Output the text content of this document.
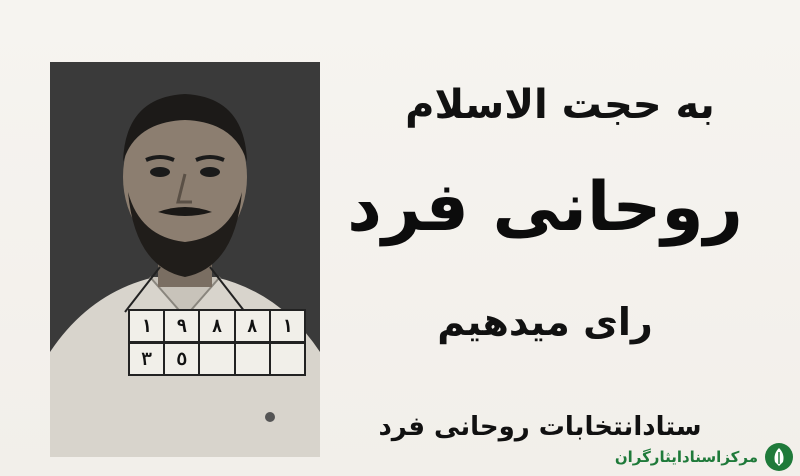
١	٩	٨	٨	١
٣	٥
به حجت الاسلام
روحانی فرد
رای میدهیم
ستادانتخابات روحانی فرد
مرکزاسنادایثارگران
